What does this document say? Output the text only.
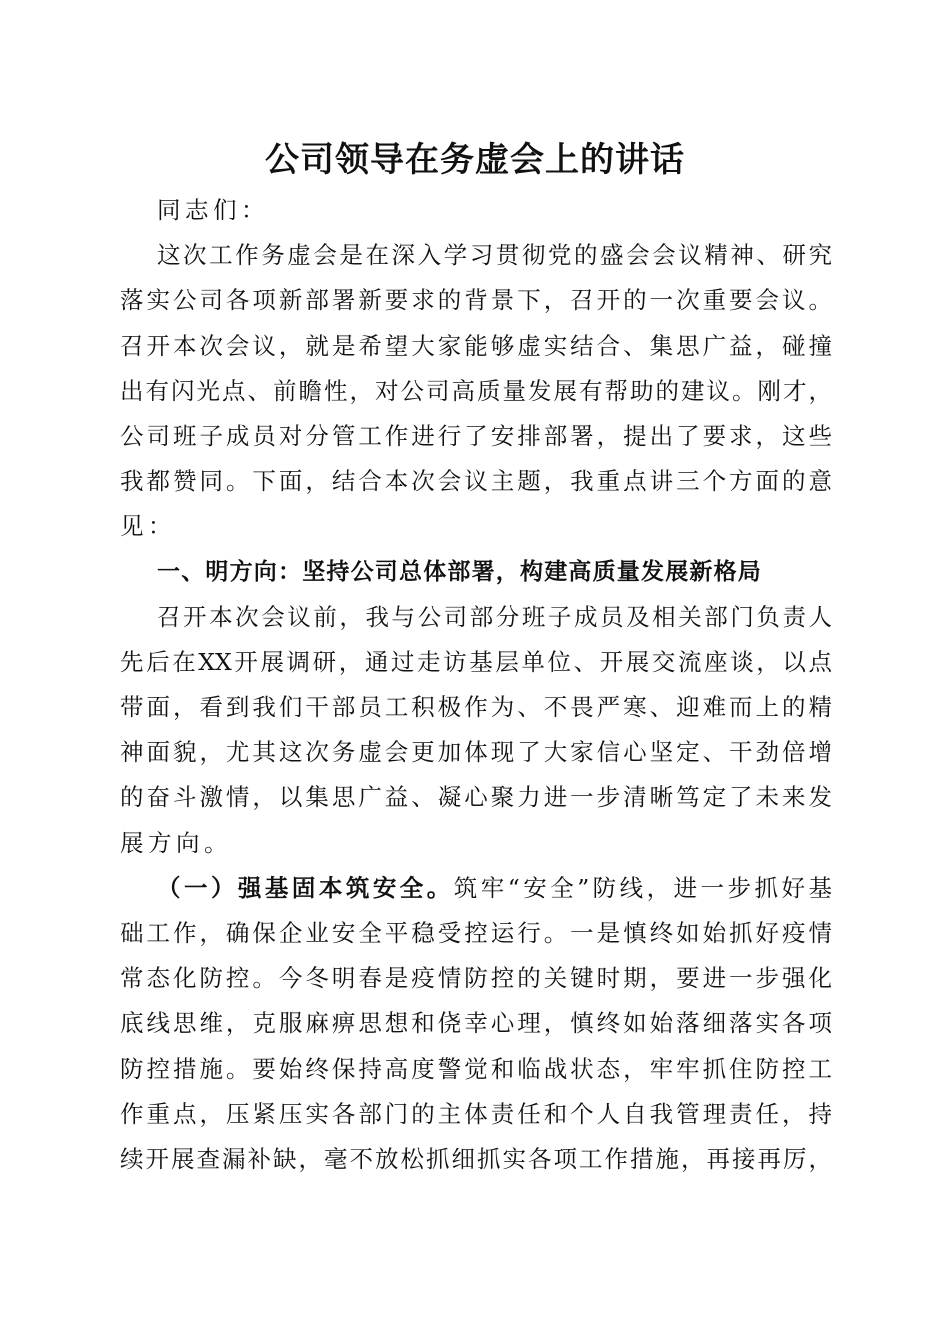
公司领导在务虚会上的讲话
同志们：
这次工作务虚会是在深入学习贯彻党的盛会会议精神、研究
落实公司各项新部署新要求的背景下，召开的一次重要会议。
召开本次会议，就是希望大家能够虚实结合、集思广益，碰撞
出有闪光点、前瞻性，对公司高质量发展有帮助的建议。刚才，
公司班子成员对分管工作进行了安排部署，提出了要求，这些
我都赞同。下面，结合本次会议主题，我重点讲三个方面的意
见：
一、明方向：坚持公司总体部署，构建高质量发展新格局
召开本次会议前，我与公司部分班子成员及相关部门负责人
先后在XX开展调研，通过走访基层单位、开展交流座谈，以点
带面，看到我们干部员工积极作为、不畏严寒、迎难而上的精
神面貌，尤其这次务虚会更加体现了大家信心坚定、干劲倍增
的奋斗激情，以集思广益、凝心聚力进一步清晰笃定了未来发
展方向。
（一）强基固本筑安全。筑牢“安全”防线，进一步抓好基
础工作，确保企业安全平稳受控运行。一是慎终如始抓好疫情
常态化防控。今冬明春是疫情防控的关键时期，要进一步强化
底线思维，克服麻痹思想和侥幸心理，慎终如始落细落实各项
防控措施。要始终保持高度警觉和临战状态，牢牢抓住防控工
作重点，压紧压实各部门的主体责任和个人自我管理责任，持
续开展查漏补缺，毫不放松抓细抓实各项工作措施，再接再厉，
